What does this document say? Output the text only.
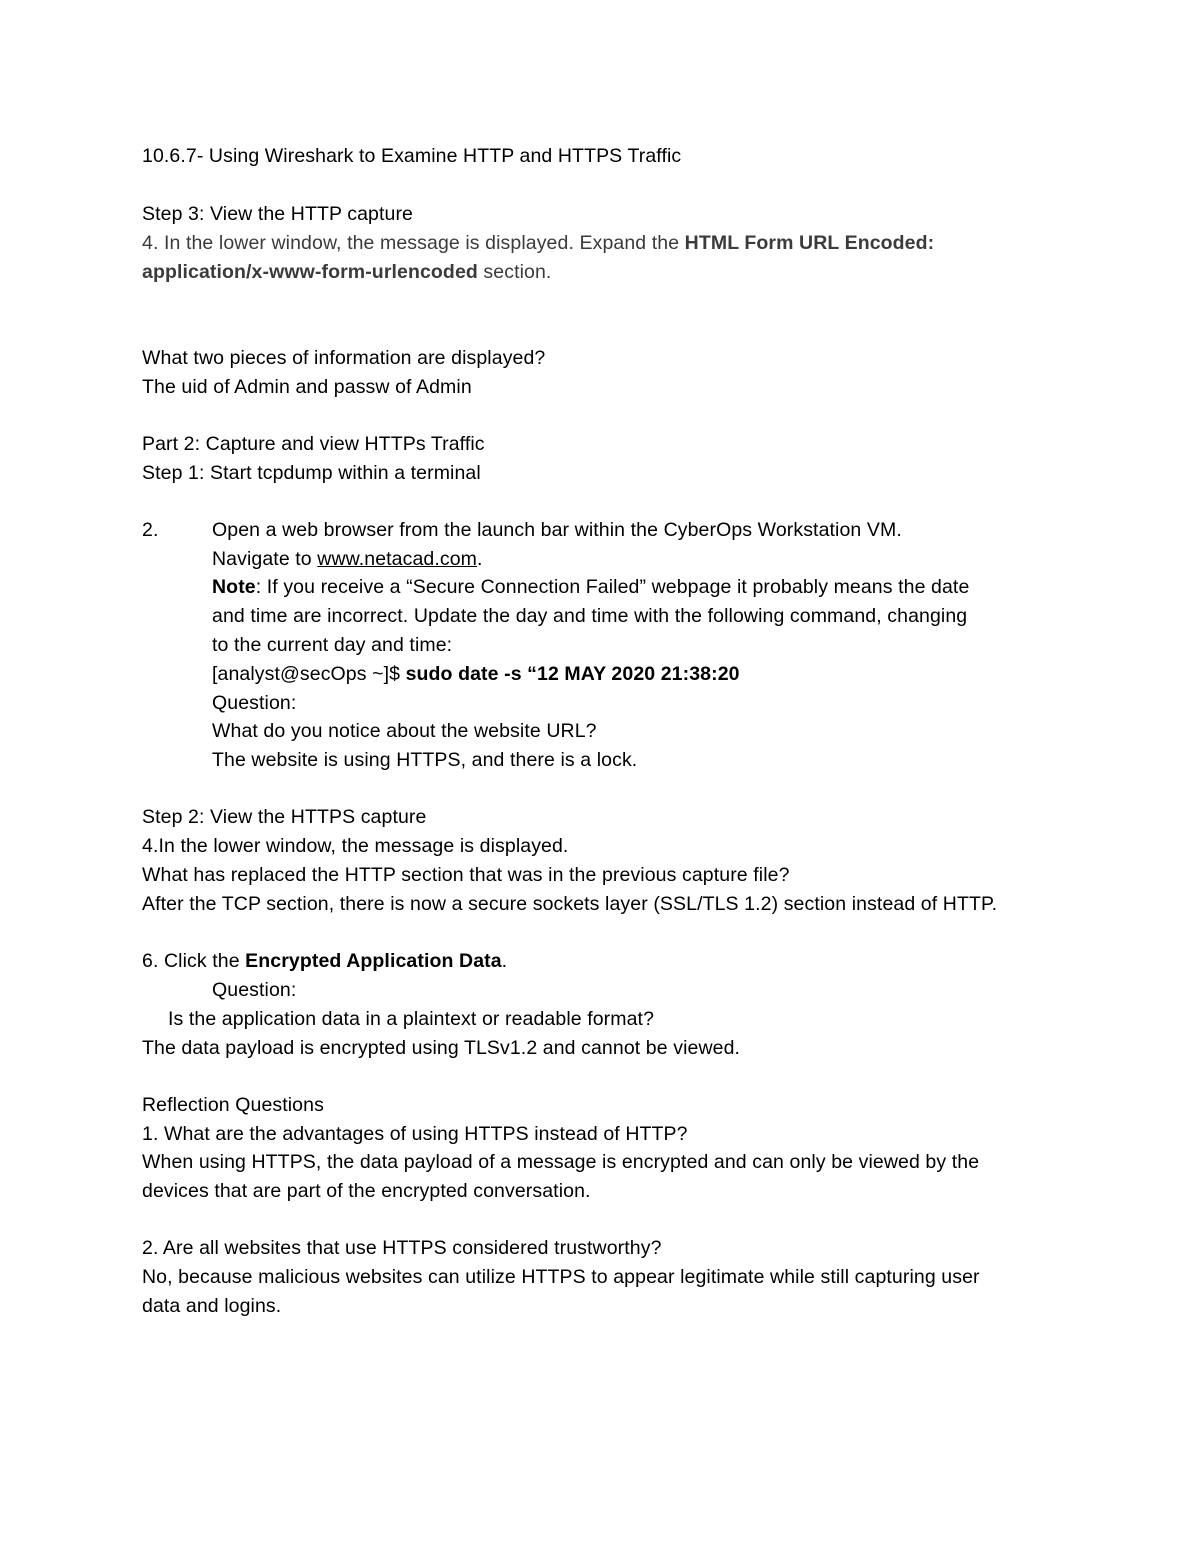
10.6.7- Using Wireshark to Examine HTTP and HTTPS Traffic
Step 3: View the HTTP capture
4. In the lower window, the message is displayed. Expand the HTML Form URL Encoded:
application/x-www-form-urlencoded section.
What two pieces of information are displayed?
The uid of Admin and passw of Admin
Part 2: Capture and view HTTPs Traffic
Step 1: Start tcpdump within a terminal
2.	Open a web browser from the launch bar within the CyberOps Workstation VM.
Navigate to www.netacad.com.
Note: If you receive a “Secure Connection Failed” webpage it probably means the date
and time are incorrect. Update the day and time with the following command, changing
to the current day and time:
[analyst@secOps ~]$ sudo date -s “12 MAY 2020 21:38:20
Question:
What do you notice about the website URL?
The website is using HTTPS, and there is a lock.
Step 2: View the HTTPS capture
4.In the lower window, the message is displayed.
What has replaced the HTTP section that was in the previous capture file?
After the TCP section, there is now a secure sockets layer (SSL/TLS 1.2) section instead of HTTP.
6. Click the Encrypted Application Data.
Question:
Is the application data in a plaintext or readable format?
The data payload is encrypted using TLSv1.2 and cannot be viewed.
Reflection Questions
1. What are the advantages of using HTTPS instead of HTTP?
When using HTTPS, the data payload of a message is encrypted and can only be viewed by the
devices that are part of the encrypted conversation.
2. Are all websites that use HTTPS considered trustworthy?
No, because malicious websites can utilize HTTPS to appear legitimate while still capturing user
data and logins.
